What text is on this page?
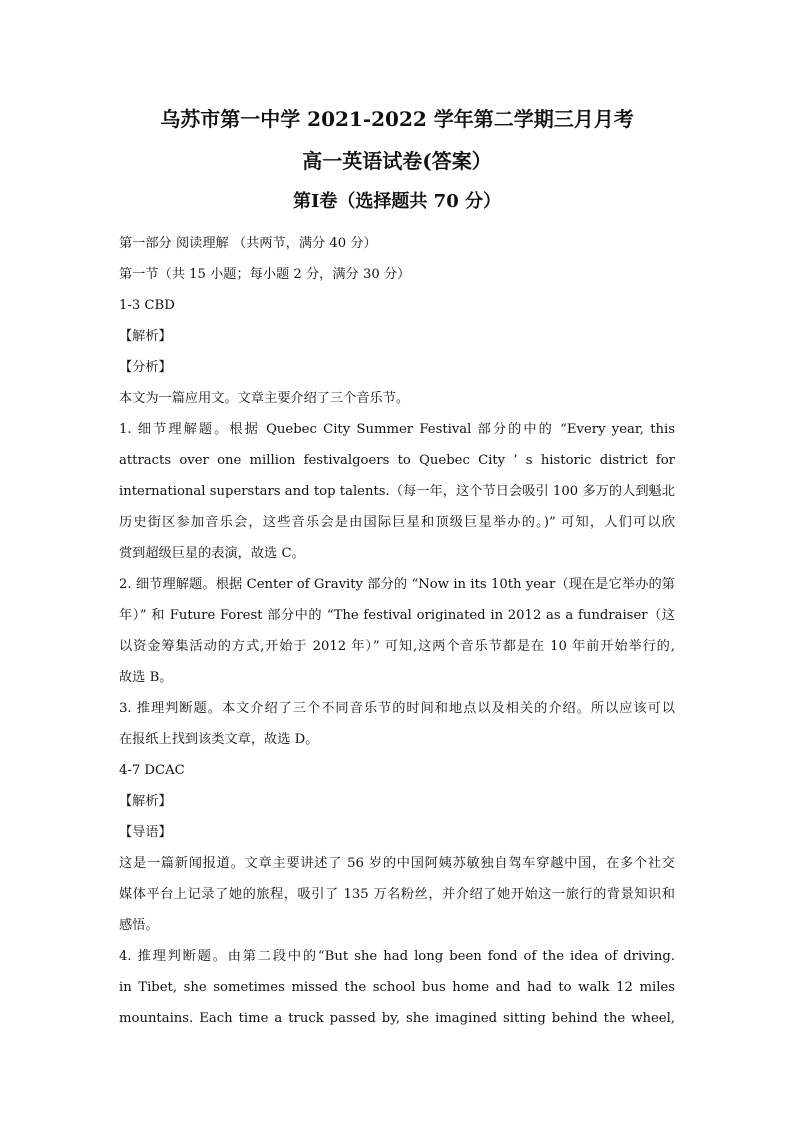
乌苏市第一中学 2021-2022 学年第二学期三月月考
高一英语试卷(答案）
第Ⅰ卷（选择题共 70 分）
第一部分 阅读理解 （共两节，满分 40 分）
第一节（共 15 小题；每小题 2 分，满分 30 分）
1-3 CBD
【解析】
【分析】
本文为一篇应用文。文章主要介绍了三个音乐节。
1. 细节理解题。根据 Quebec City Summer Festival 部分的中的 “Every year, this
attracts over one million festivalgoers to Quebec City ’ s historic district for
international superstars and top talents.（每一年，这个节日会吸引 100 多万的人到魁北
历史街区参加音乐会，这些音乐会是由国际巨星和顶级巨星举办的。)” 可知，人们可以欣
赏到超级巨星的表演，故选 C。
2. 细节理解题。根据 Center of Gravity 部分的 “Now in its 10th year（现在是它举办的第
年）” 和 Future Forest 部分中的 “The festival originated in 2012 as a fundraiser（这
以资金筹集活动的方式,开始于 2012 年）” 可知,这两个音乐节都是在 10 年前开始举行的,
故选 B。
3. 推理判断题。本文介绍了三个不同音乐节的时间和地点以及相关的介绍。所以应该可以
在报纸上找到该类文章，故选 D。
4-7 DCAC
【解析】
【导语】
这是一篇新闻报道。文章主要讲述了 56 岁的中国阿姨苏敏独自驾车穿越中国，在多个社交
媒体平台上记录了她的旅程，吸引了 135 万名粉丝，并介绍了她开始这一旅行的背景知识和
感悟。
4. 推理判断题。由第二段中的“But she had long been fond of the idea of driving.
in Tibet, she sometimes missed the school bus home and had to walk 12 miles
mountains. Each time a truck passed by, she imagined sitting behind the wheel,
